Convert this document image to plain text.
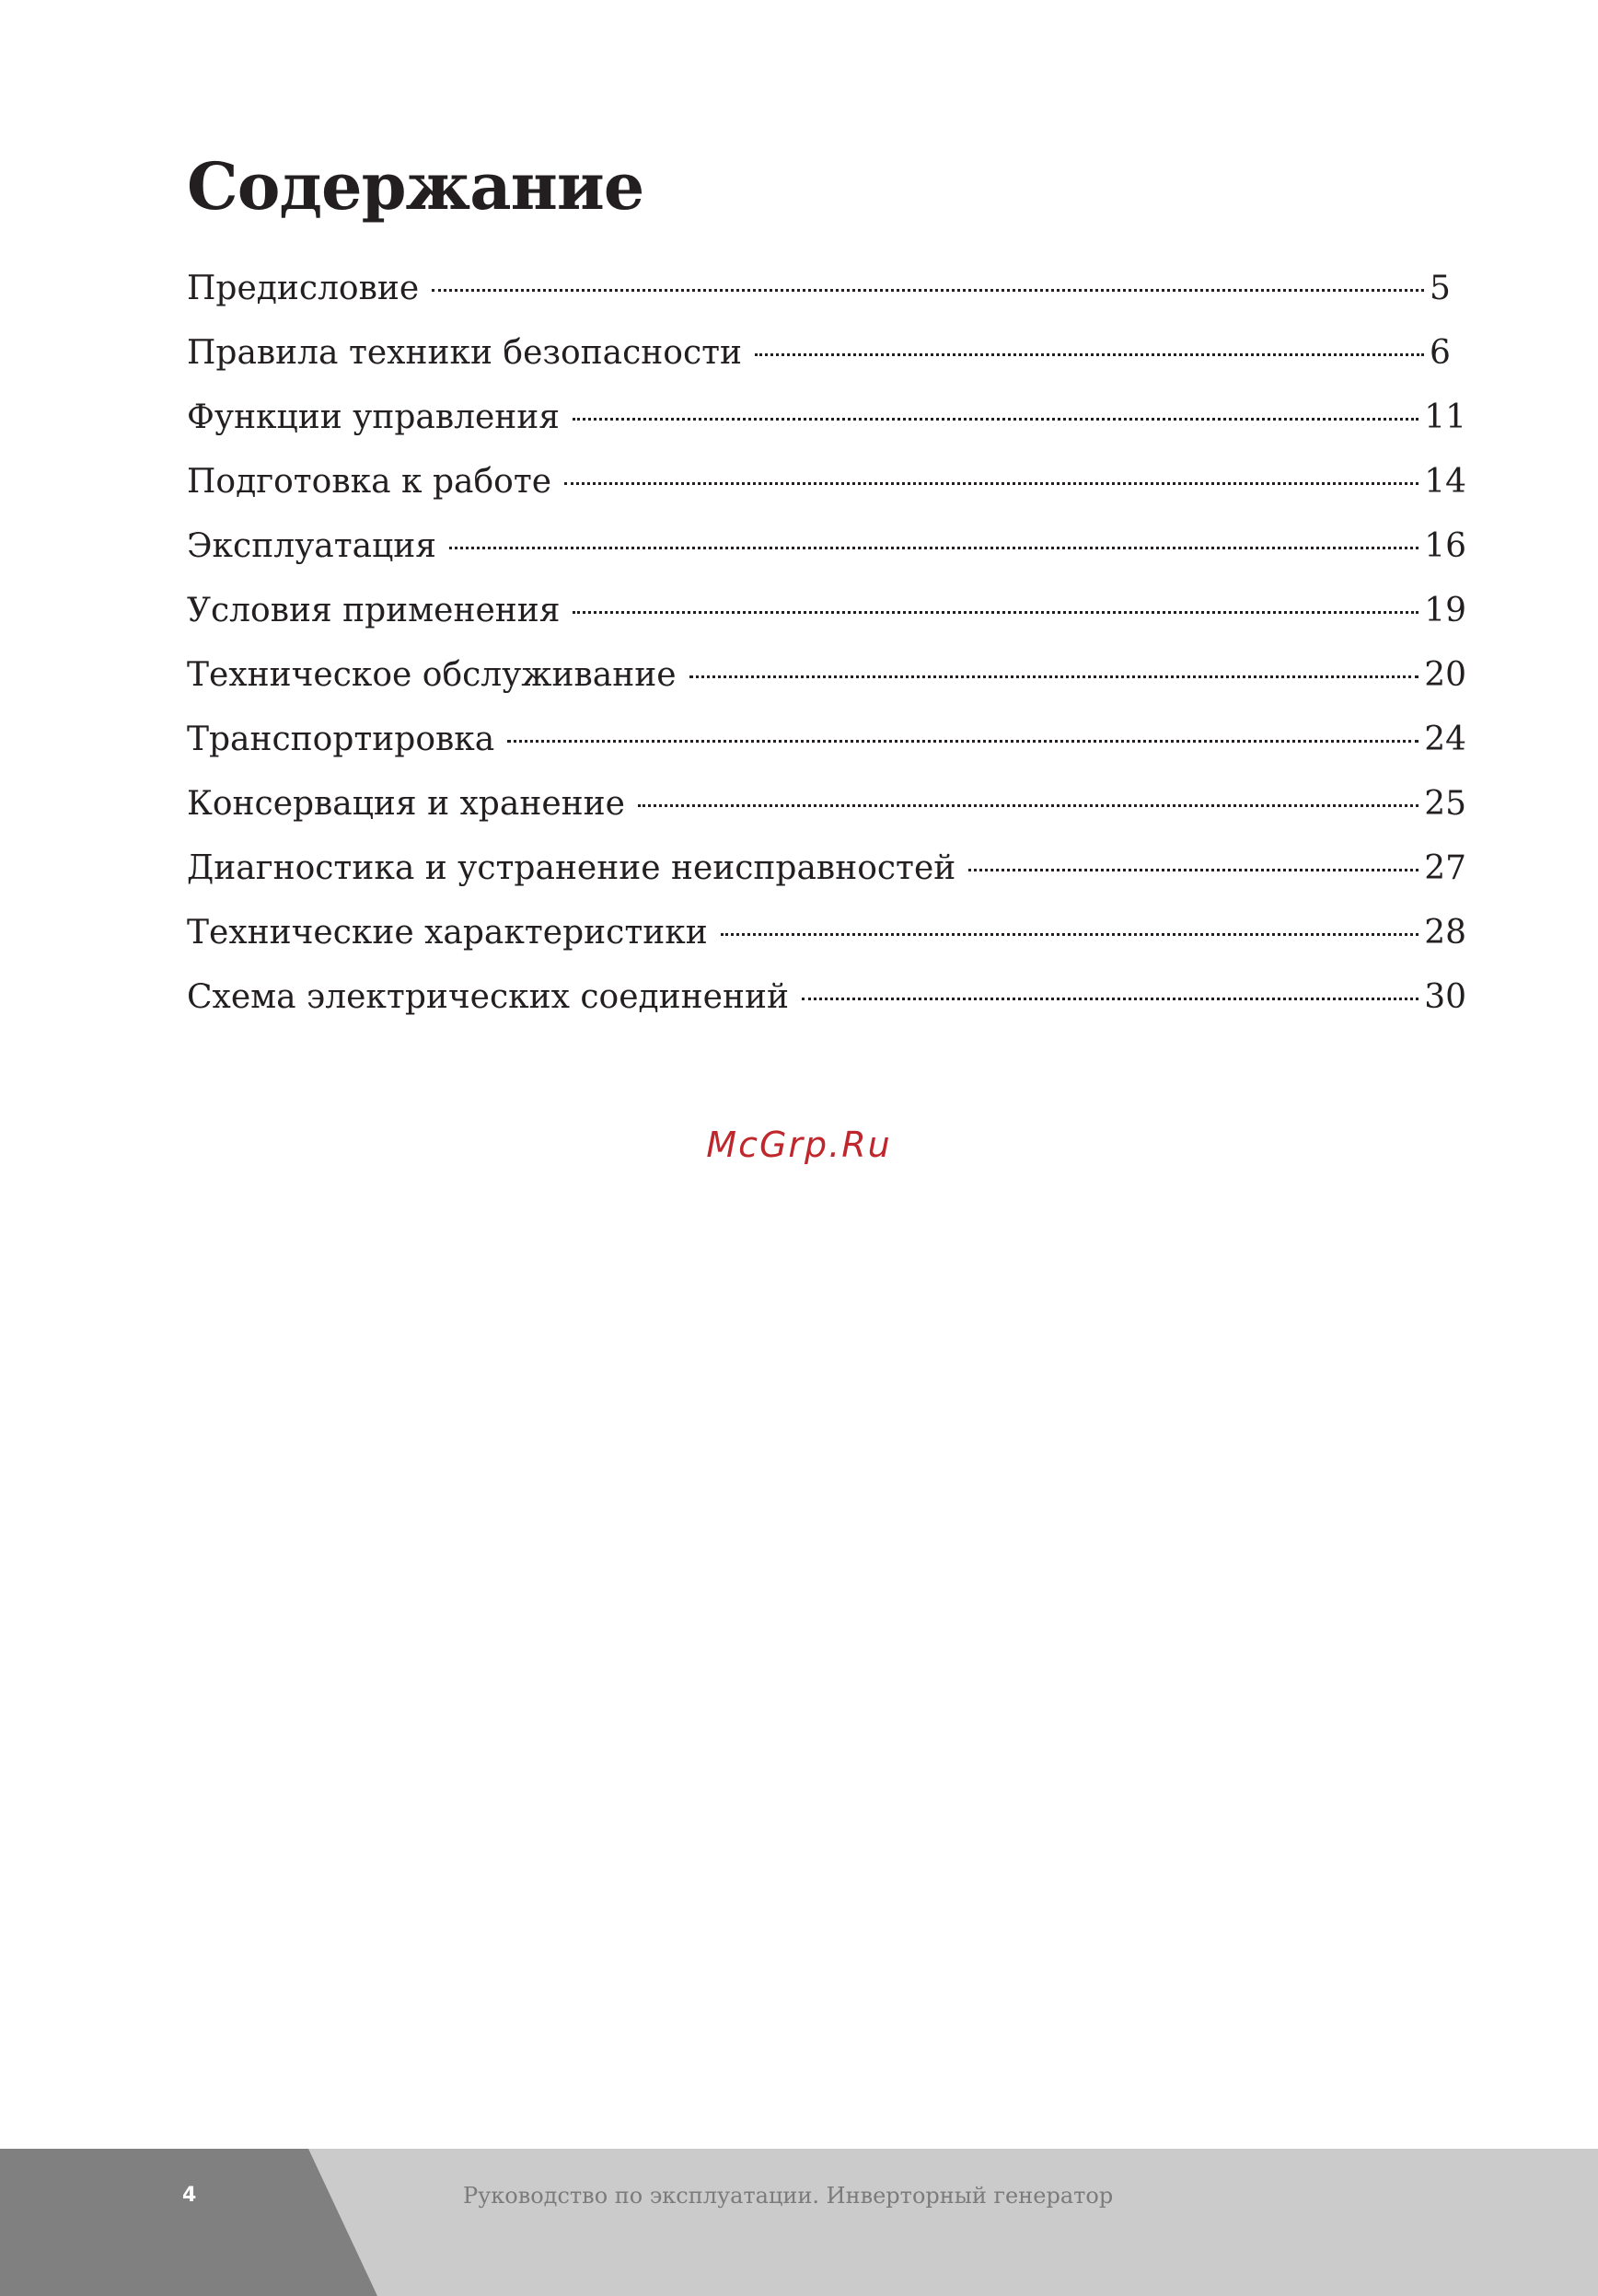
Содержание
Предисловие	5
Правила техники безопасности	6
Функции управления	11
Подготовка к работе	14
Эксплуатация	16
Условия применения	19
Техническое обслуживание	20
Транспортировка	24
Консервация и хранение	25
Диагностика и устранение неисправностей	27
Технические характеристики	28
Схема электрических соединений	30
McGrp.Ru
4	Руководство по эксплуатации. Инверторный генератор
